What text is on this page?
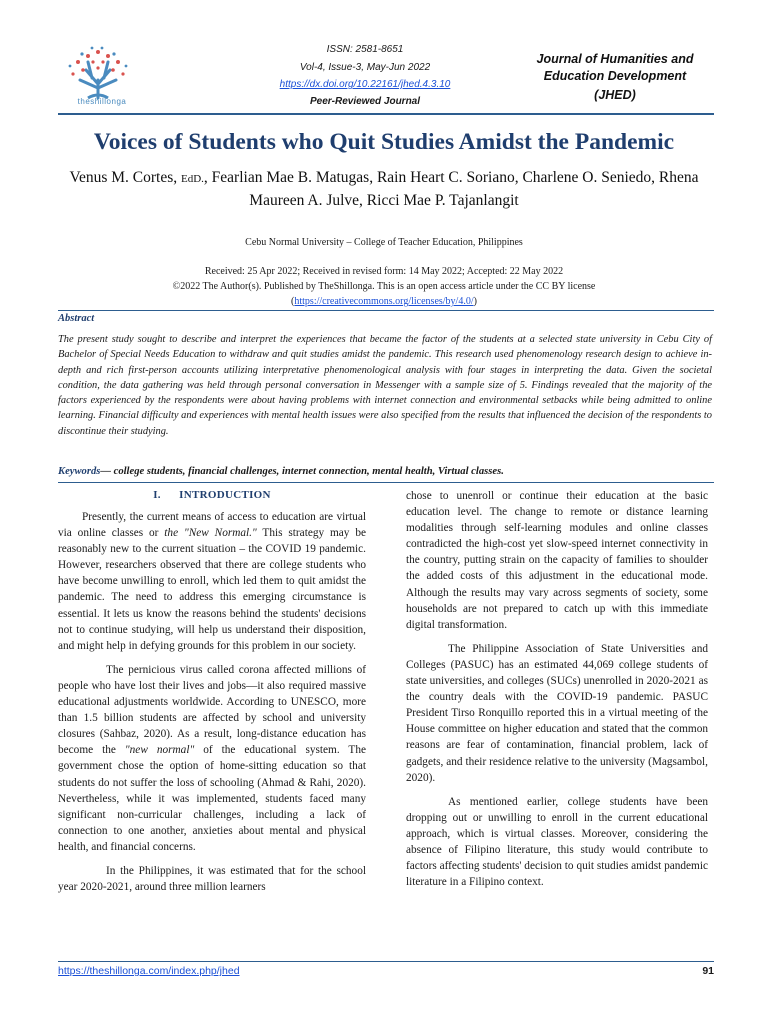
theshillonga
ISSN: 2581-8651
Vol-4, Issue-3, May-Jun 2022
https://dx.doi.org/10.22161/jhed.4.3.10
Peer-Reviewed Journal
Journal of Humanities and
Education Development
(JHED)
Voices of Students who Quit Studies Amidst the Pandemic
Venus M. Cortes, EdD., Fearlian Mae B. Matugas, Rain Heart C. Soriano, Charlene O. Seniedo, Rhena Maureen A. Julve, Ricci Mae P. Tajanlangit
Cebu Normal University – College of Teacher Education, Philippines
Received: 25 Apr 2022; Received in revised form: 14 May 2022; Accepted: 22 May 2022
©2022 The Author(s). Published by TheShillonga. This is an open access article under the CC BY license
(https://creativecommons.org/licenses/by/4.0/)
Abstract
The present study sought to describe and interpret the experiences that became the factor of the students at a selected state university in Cebu City of Bachelor of Special Needs Education to withdraw and quit studies amidst the pandemic. This research used phenomenology research design to achieve in-depth and rich first-person accounts utilizing interpretative phenomenological analysis with four stages in interpreting the data. Given the societal condition, the data gathering was held through personal conversation in Messenger with a sample size of 5. Findings revealed that the majority of the factors experienced by the respondents were about having problems with internet connection and environmental setbacks while being admitted to online learning. Financial difficulty and experiences with mental health issues were also specified from the results that influenced the decision of the respondents to discontinue their studying.
Keywords— college students, financial challenges, internet connection, mental health, Virtual classes.
I.      INTRODUCTION

Presently, the current means of access to education are virtual via online classes or the "New Normal." This strategy may be reasonably new to the current situation – the COVID 19 pandemic. However, researchers observed that there are college students who have become unwilling to enroll, which led them to quit amidst the pandemic. The need to address this emerging circumstance is essential. It lets us know the reasons behind the students' decisions not to continue studying, will help us understand their disposition, and might help in defying grounds for this problem in our society.

The pernicious virus called corona affected millions of people who have lost their lives and jobs—it also required massive educational adjustments worldwide. According to UNESCO, more than 1.5 billion students are affected by school and university closures (Sahbaz, 2020). As a result, long-distance education has become the "new normal" of the educational system. The government chose the option of home-sitting education so that students do not suffer the loss of schooling (Ahmad & Rahi, 2020). Nevertheless, while it was implemented, students faced many significant non-curricular challenges, including a lack of connection to one another, anxieties about mental and physical health, and financial concerns.

In the Philippines, it was estimated that for the school year 2020-2021, around three million learners

chose to unenroll or continue their education at the basic education level. The change to remote or distance learning modalities through self-learning modules and online classes contradicted the high-cost yet slow-speed internet connectivity in the country, putting strain on the capacity of families to shoulder the added costs of this adjustment in the educational mode. Although the results may vary across segments of society, some households are not prepared to catch up with this immediate digital transformation.

The Philippine Association of State Universities and Colleges (PASUC) has an estimated 44,069 college students of state universities, and colleges (SUCs) unenrolled in 2020-2021 as the country deals with the COVID-19 pandemic. PASUC President Tirso Ronquillo reported this in a virtual meeting of the House committee on higher education and stated that the common reasons are fear of contamination, financial problem, lack of gadgets, and their residence relative to the university (Magsambol, 2020).

As mentioned earlier, college students have been dropping out or unwilling to enroll in the current educational approach, which is virtual classes. Moreover, considering the absence of Filipino literature, this study would contribute to factors affecting students' decision to quit studies amidst pandemic literature in a Filipino context.

https://theshillonga.com/index.php/jhed	91
